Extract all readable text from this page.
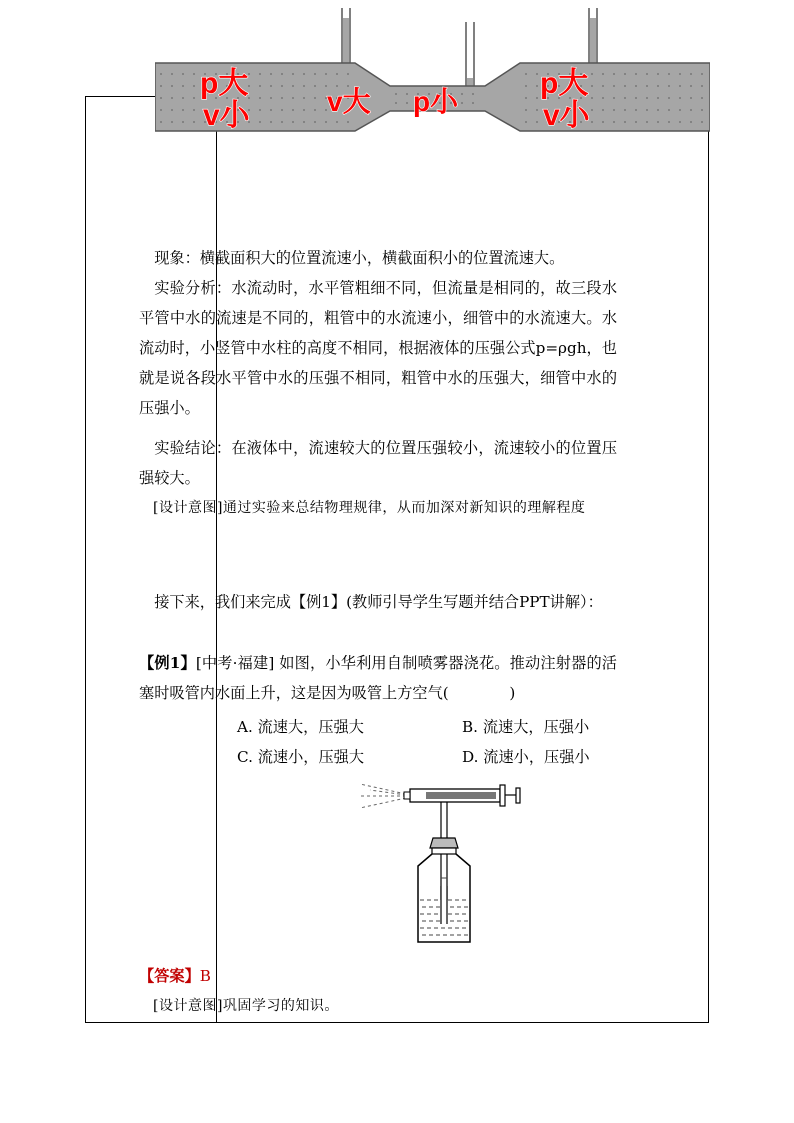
p大
v小	v大 p小
p大
v小
现象：横截面积大的位置流速小，横截面积小的位置流速大。
实验分析：水流动时，水平管粗细不同，但流量是相同的，故三段水平管中水的流速是不同的，粗管中的水流速小，细管中的水流速大。水流动时，小竖管中水柱的高度不相同，根据液体的压强公式p=ρgh，也就是说各段水平管中水的压强不相同，粗管中水的压强大，细管中水的压强小。
实验结论：在液体中，流速较大的位置压强较小，流速较小的位置压强较大。
[设计意图]通过实验来总结物理规律，从而加深对新知识的理解程度
接下来，我们来完成【例1】(教师引导学生写题并结合PPT讲解）：
【例1】[中考·福建] 如图，小华利用自制喷雾器浇花。推动注射器的活塞时吸管内水面上升，这是因为吸管上方空气(　　　　)
A. 流速大，压强大	B. 流速大，压强小
C. 流速小，压强大	D. 流速小，压强小
【答案】B
[设计意图]巩固学习的知识。
